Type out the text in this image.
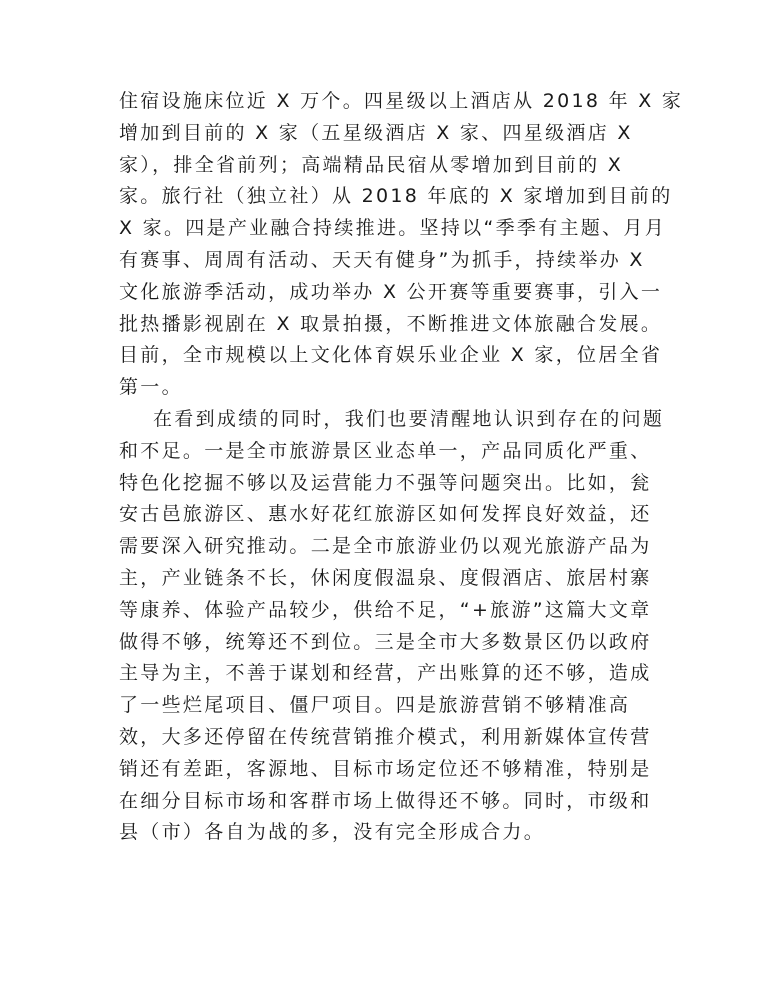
住宿设施床位近 X 万个。四星级以上酒店从 2018 年 X 家
增加到目前的 X 家（五星级酒店 X 家、四星级酒店 X
家），排全省前列；高端精品民宿从零增加到目前的 X
家。旅行社（独立社）从 2018 年底的 X 家增加到目前的
X 家。四是产业融合持续推进。坚持以“季季有主题、月月
有赛事、周周有活动、天天有健身”为抓手，持续举办 X
文化旅游季活动，成功举办 X 公开赛等重要赛事，引入一
批热播影视剧在 X 取景拍摄，不断推进文体旅融合发展。
目前，全市规模以上文化体育娱乐业企业 X 家，位居全省
第一。
在看到成绩的同时，我们也要清醒地认识到存在的问题
和不足。一是全市旅游景区业态单一，产品同质化严重、
特色化挖掘不够以及运营能力不强等问题突出。比如，瓮
安古邑旅游区、惠水好花红旅游区如何发挥良好效益，还
需要深入研究推动。二是全市旅游业仍以观光旅游产品为
主，产业链条不长，休闲度假温泉、度假酒店、旅居村寨
等康养、体验产品较少，供给不足，“+旅游”这篇大文章
做得不够，统筹还不到位。三是全市大多数景区仍以政府
主导为主，不善于谋划和经营，产出账算的还不够，造成
了一些烂尾项目、僵尸项目。四是旅游营销不够精准高
效，大多还停留在传统营销推介模式，利用新媒体宣传营
销还有差距，客源地、目标市场定位还不够精准，特别是
在细分目标市场和客群市场上做得还不够。同时，市级和
县（市）各自为战的多，没有完全形成合力。
